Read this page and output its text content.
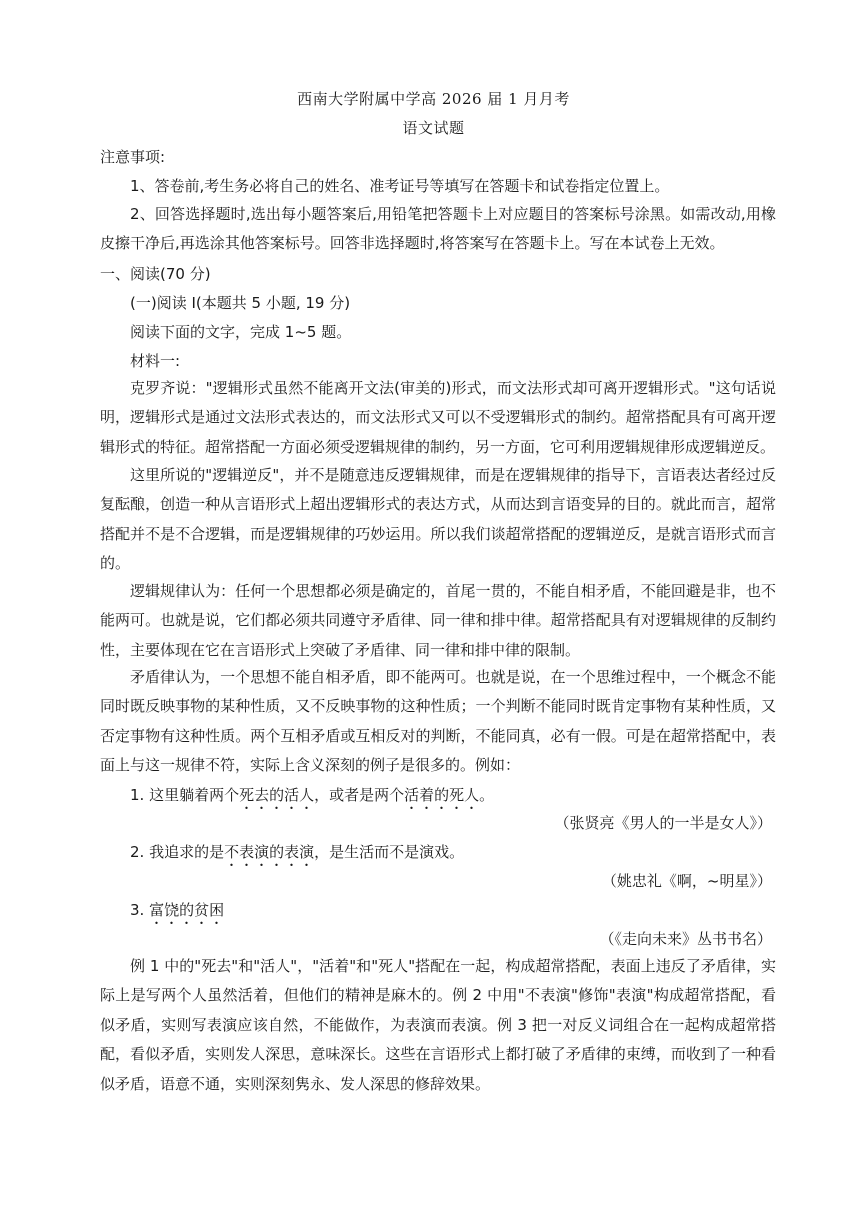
西南大学附属中学高 2026 届 1 月月考
语文试题
注意事项:
1、答卷前,考生务必将自己的姓名、准考证号等填写在答题卡和试卷指定位置上。
2、回答选择题时,选出每小题答案后,用铅笔把答题卡上对应题目的答案标号涂黑。如需改动,用橡皮擦干净后,再选涂其他答案标号。回答非选择题时,将答案写在答题卡上。写在本试卷上无效。
一、阅读(70 分)
(一)阅读 I(本题共 5 小题, 19 分)
阅读下面的文字，完成 1~5 题。
材料一:
克罗齐说："逻辑形式虽然不能离开文法(审美的)形式，而文法形式却可离开逻辑形式。"这句话说明，逻辑形式是通过文法形式表达的，而文法形式又可以不受逻辑形式的制约。超常搭配具有可离开逻辑形式的特征。超常搭配一方面必须受逻辑规律的制约，另一方面，它可利用逻辑规律形成逻辑逆反。
这里所说的"逻辑逆反"，并不是随意违反逻辑规律，而是在逻辑规律的指导下，言语表达者经过反复酝酿，创造一种从言语形式上超出逻辑形式的表达方式，从而达到言语变异的目的。就此而言，超常搭配并不是不合逻辑，而是逻辑规律的巧妙运用。所以我们谈超常搭配的逻辑逆反，是就言语形式而言的。
逻辑规律认为：任何一个思想都必须是确定的，首尾一贯的，不能自相矛盾，不能回避是非，也不能两可。也就是说，它们都必须共同遵守矛盾律、同一律和排中律。超常搭配具有对逻辑规律的反制约性，主要体现在它在言语形式上突破了矛盾律、同一律和排中律的限制。
矛盾律认为，一个思想不能自相矛盾，即不能两可。也就是说，在一个思维过程中，一个概念不能同时既反映事物的某种性质，又不反映事物的这种性质；一个判断不能同时既肯定事物有某种性质，又否定事物有这种性质。两个互相矛盾或互相反对的判断，不能同真，必有一假。可是在超常搭配中，表面上与这一规律不符，实际上含义深刻的例子是很多的。例如：
1. 这里躺着两个死去的活人，或者是两个活着的死人。
（张贤亮《男人的一半是女人》）
2. 我追求的是不表演的表演，是生活而不是演戏。
（姚忠礼《啊，~明星》）
3. 富饶的贫困
（《走向未来》丛书书名）
例 1 中的"死去"和"活人"，"活着"和"死人"搭配在一起，构成超常搭配，表面上违反了矛盾律，实际上是写两个人虽然活着，但他们的精神是麻木的。例 2 中用"不表演"修饰"表演"构成超常搭配，看似矛盾，实则写表演应该自然，不能做作，为表演而表演。例 3 把一对反义词组合在一起构成超常搭配，看似矛盾，实则发人深思，意味深长。这些在言语形式上都打破了矛盾律的束缚，而收到了一种看似矛盾，语意不通，实则深刻隽永、发人深思的修辞效果。
